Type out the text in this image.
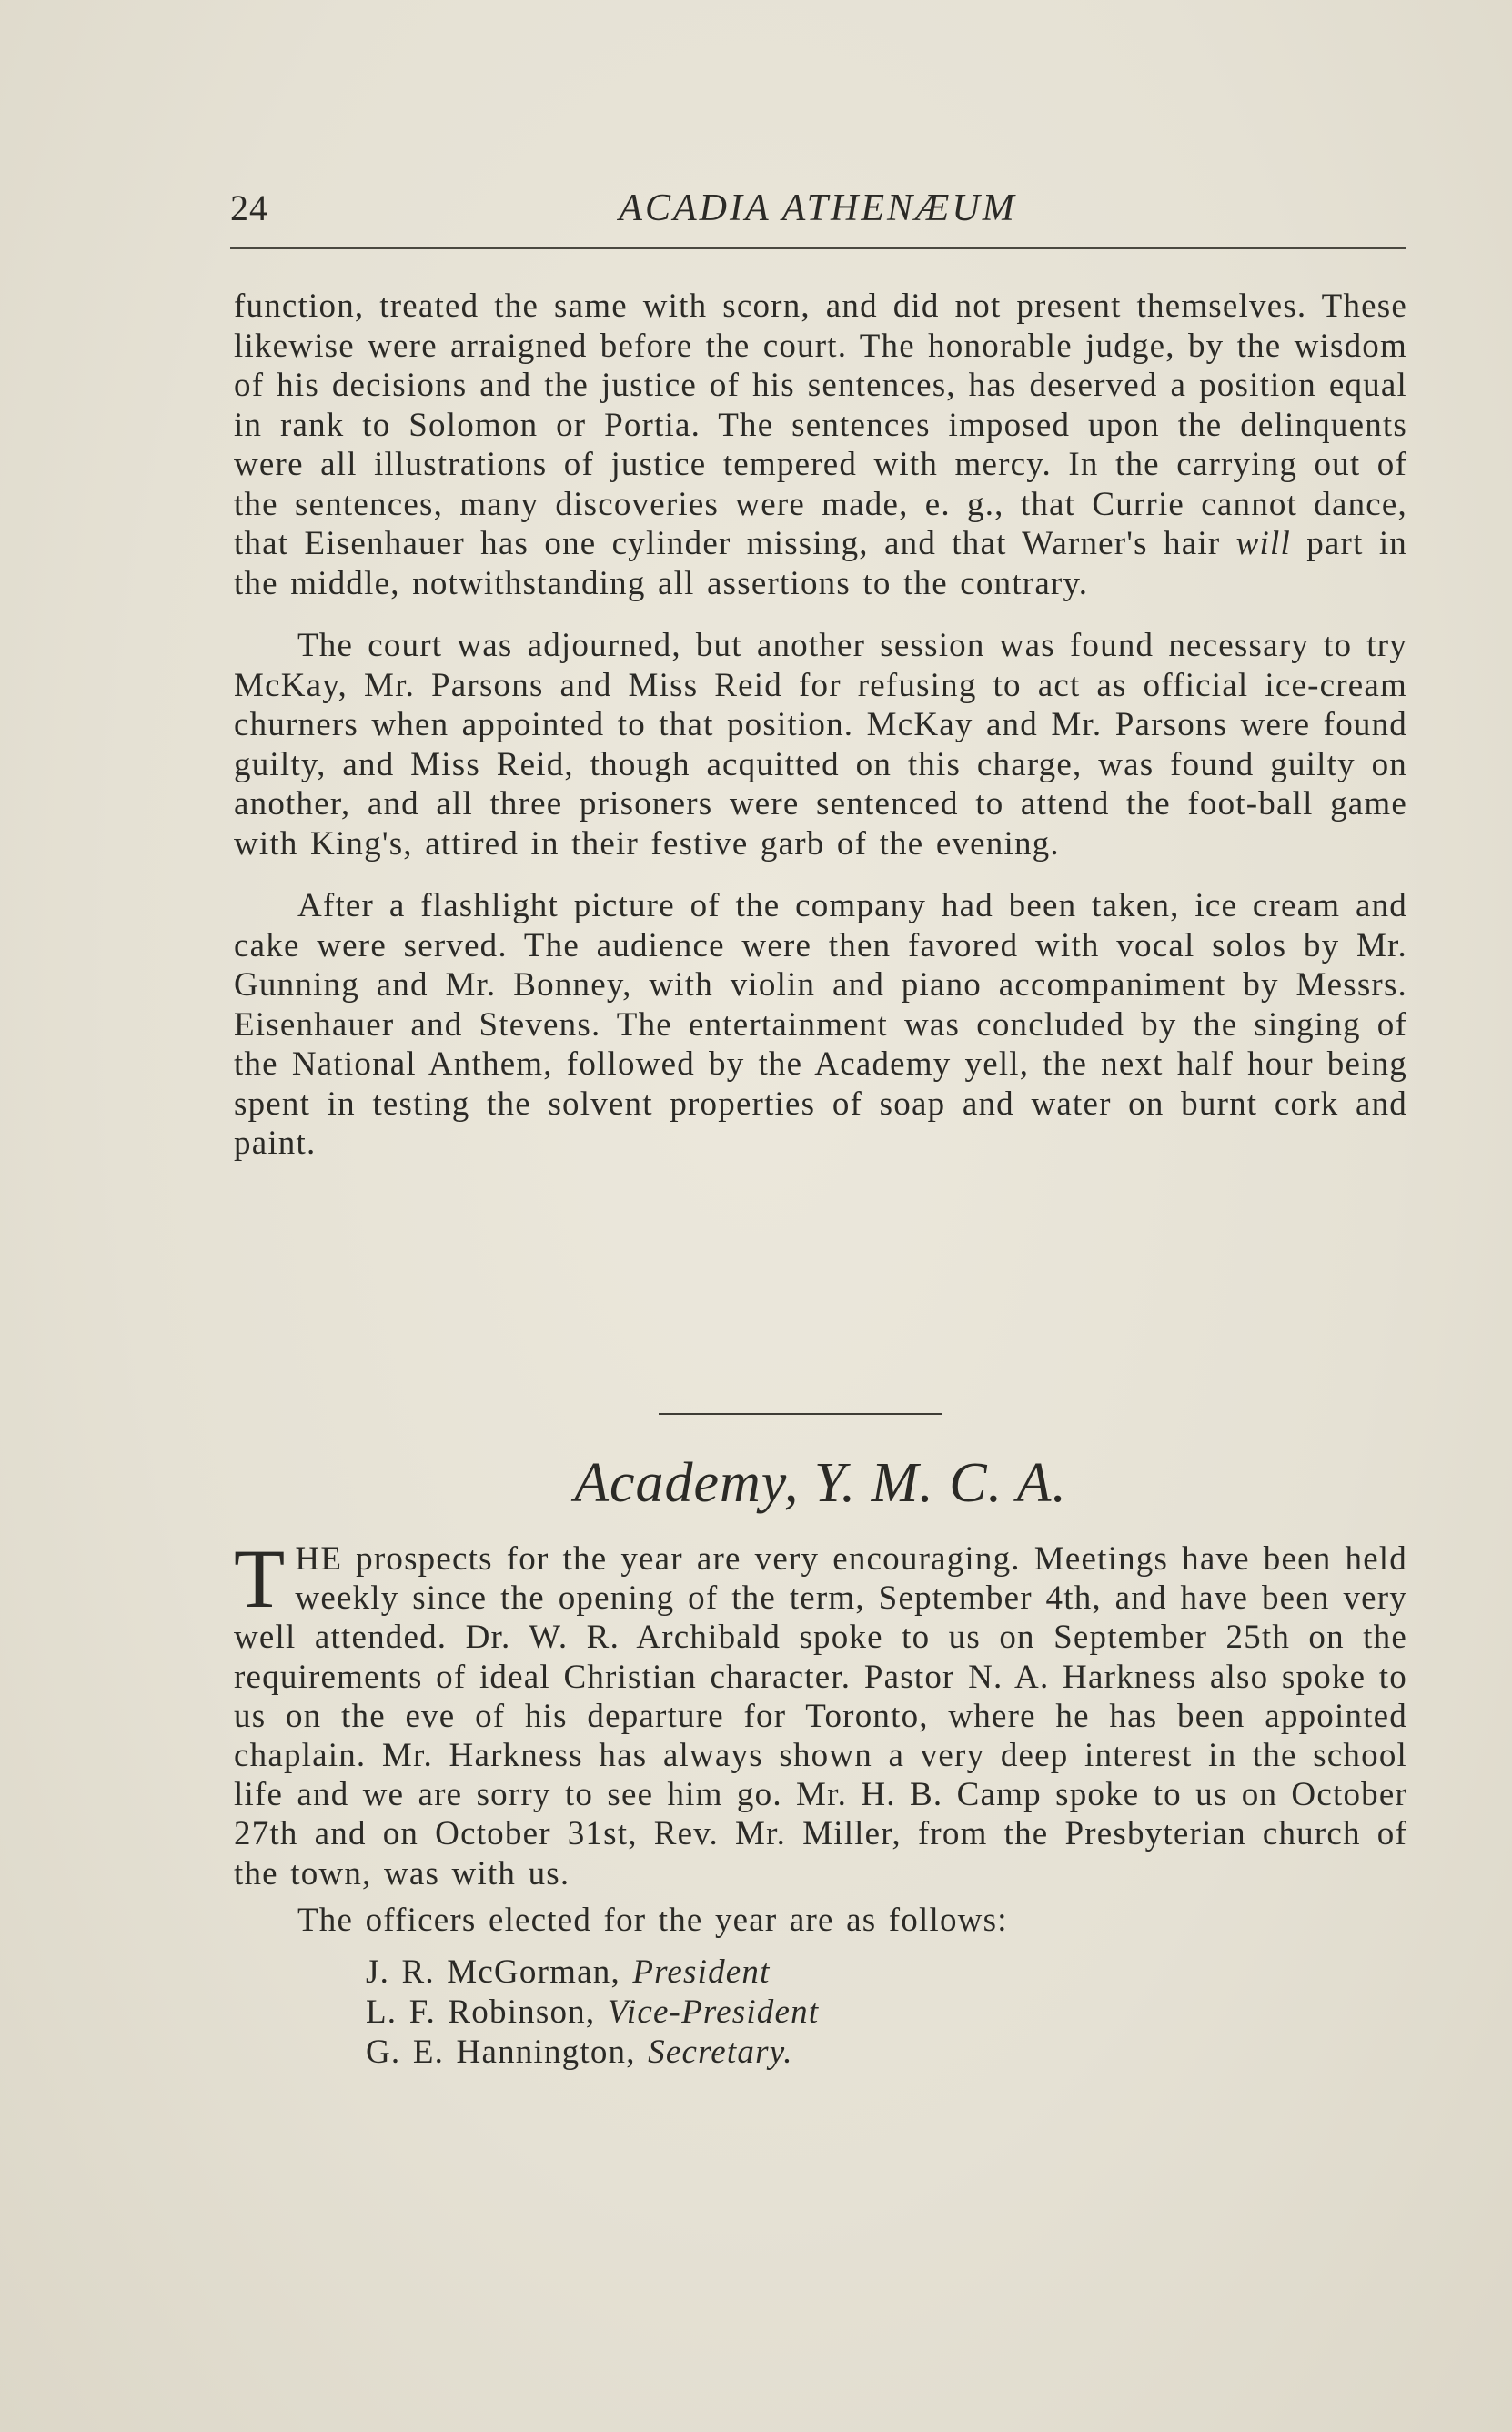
24	ACADIA ATHENÆUM

function, treated the same with scorn, and did not present themselves. These likewise were arraigned before the court. The honorable judge, by the wisdom of his decisions and the justice of his sentences, has deserved a position equal in rank to Solomon or Portia. The sentences imposed upon the delinquents were all illustrations of justice tempered with mercy. In the carrying out of the sentences, many discoveries were made, e. g., that Currie cannot dance, that Eisenhauer has one cylinder missing, and that Warner's hair will part in the middle, notwithstanding all assertions to the contrary.

The court was adjourned, but another session was found necessary to try McKay, Mr. Parsons and Miss Reid for refusing to act as official ice-cream churners when appointed to that position. McKay and Mr. Parsons were found guilty, and Miss Reid, though acquitted on this charge, was found guilty on another, and all three prisoners were sentenced to attend the foot-ball game with King's, attired in their festive garb of the evening.

After a flashlight picture of the company had been taken, ice cream and cake were served. The audience were then favored with vocal solos by Mr. Gunning and Mr. Bonney, with violin and piano accompaniment by Messrs. Eisenhauer and Stevens. The entertainment was concluded by the singing of the National Anthem, followed by the Academy yell, the next half hour being spent in testing the solvent properties of soap and water on burnt cork and paint.

Academy, Y. M. C. A.

THE prospects for the year are very encouraging. Meetings have been held weekly since the opening of the term, September 4th, and have been very well attended. Dr. W. R. Archibald spoke to us on September 25th on the requirements of ideal Christian character. Pastor N. A. Harkness also spoke to us on the eve of his departure for Toronto, where he has been appointed chaplain. Mr. Harkness has always shown a very deep interest in the school life and we are sorry to see him go. Mr. H. B. Camp spoke to us on October 27th and on October 31st, Rev. Mr. Miller, from the Presbyterian church of the town, was with us.

The officers elected for the year are as follows:

J. R. McGorman, President
L. F. Robinson, Vice-President
G. E. Hannington, Secretary.
